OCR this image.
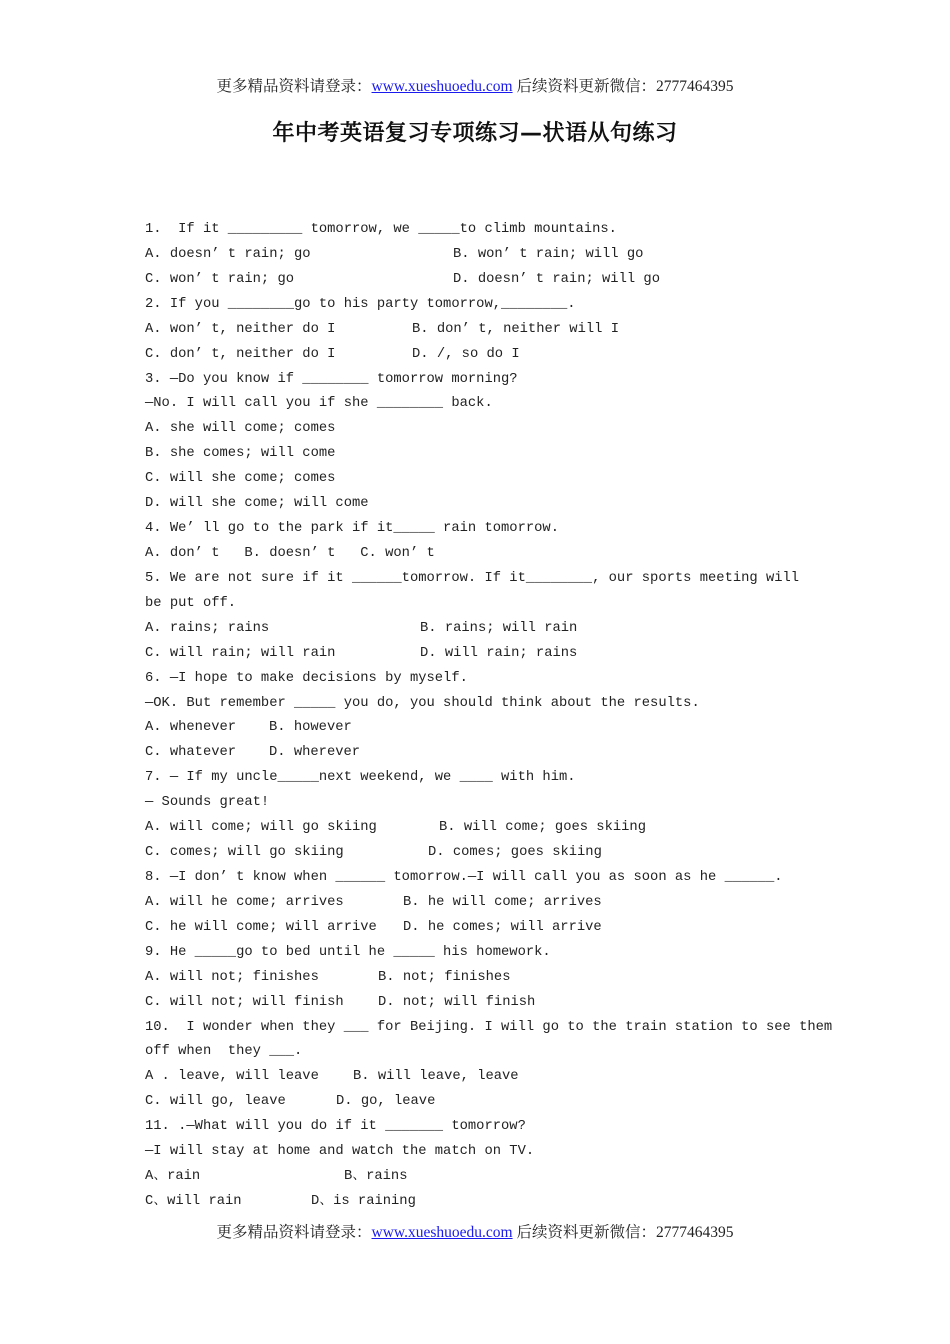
更多精品资料请登录：www.xueshuoedu.com 后续资料更新微信：2777464395
年中考英语复习专项练习—状语从句练习
1.  If it _________ tomorrow, we _____to climb mountains.
A. doesn’ t rain; go	B. won’ t rain; will go
C. won’ t rain; go	D. doesn’ t rain; will go
2. If you ________go to his party tomorrow,________.
A. won’ t, neither do I	B. don’ t, neither will I
C. don’ t, neither do I	D. /, so do I
3. —Do you know if ________ tomorrow morning?
—No. I will call you if she ________ back.
A. she will come; comes
B. she comes; will come
C. will she come; comes
D. will she come; will come
4. We’ ll go to the park if it_____ rain tomorrow.
A. don’ t   B. doesn’ t   C. won’ t
5. We are not sure if it ______tomorrow. If it________, our sports meeting will
be put off.
A. rains; rains	B. rains; will rain
C. will rain; will rain	D. will rain; rains
6. —I hope to make decisions by myself.
—OK. But remember _____ you do, you should think about the results.
A. whenever B. however
C. whatever D. wherever
7. — If my uncle_____next weekend, we ____ with him.
— Sounds great!
A. will come; will go skiing	B. will come; goes skiing
C. comes; will go skiing	D. comes; goes skiing
8. —I don’ t know when ______ tomorrow.—I will call you as soon as he ______.
A. will he come; arrives	B. he will come; arrives
C. he will come; will arrive D. he comes; will arrive
9. He _____go to bed until he _____ his homework.
A. will not; finishes	B. not; finishes
C. will not; will finish D. not; will finish
10.  I wonder when they ___ for Beijing. I will go to the train station to see them
off when  they ___.
A . leave, will leave B. will leave, leave
C. will go, leave	D. go, leave
11. .—What will you do if it _______ tomorrow?
—I will stay at home and watch the match on TV.
A、rain	B、rains
C、will rain	D、is raining
更多精品资料请登录：www.xueshuoedu.com 后续资料更新微信：2777464395
